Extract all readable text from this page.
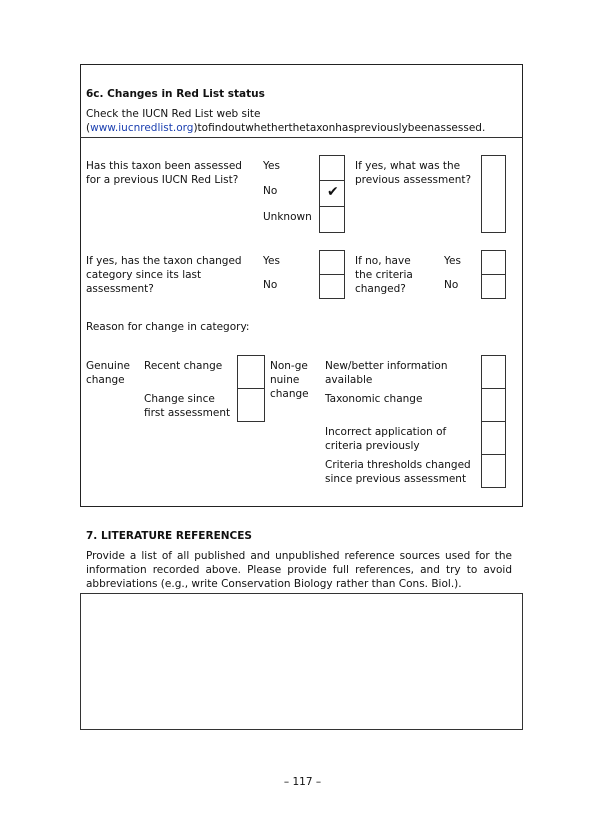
6c. Changes in Red List status
Check the IUCN Red List web site
(www.iucnredlist.org)tofindoutwhetherthetaxonhaspreviouslybeenassessed.
Has this taxon been assessed
for a previous IUCN Red List?
Yes
No
Unknown
✔
If yes, what was the
previous assessment?
If yes, has the taxon changed
category since its last
assessment?
Yes
No
If no, have
the criteria
changed?
Yes
No
Reason for change in category:
Genuine
change
Recent change
Change since
first assessment
Non-ge
nuine
change
New/better information
available
Taxonomic change
Incorrect application of
criteria previously
Criteria thresholds changed
since previous assessment
7. LITERATURE REFERENCES
Provide a list of all published and unpublished reference sources used for the information recorded above. Please provide full references, and try to avoid abbreviations (e.g., write Conservation Biology rather than Cons. Biol.).
– 117 –
